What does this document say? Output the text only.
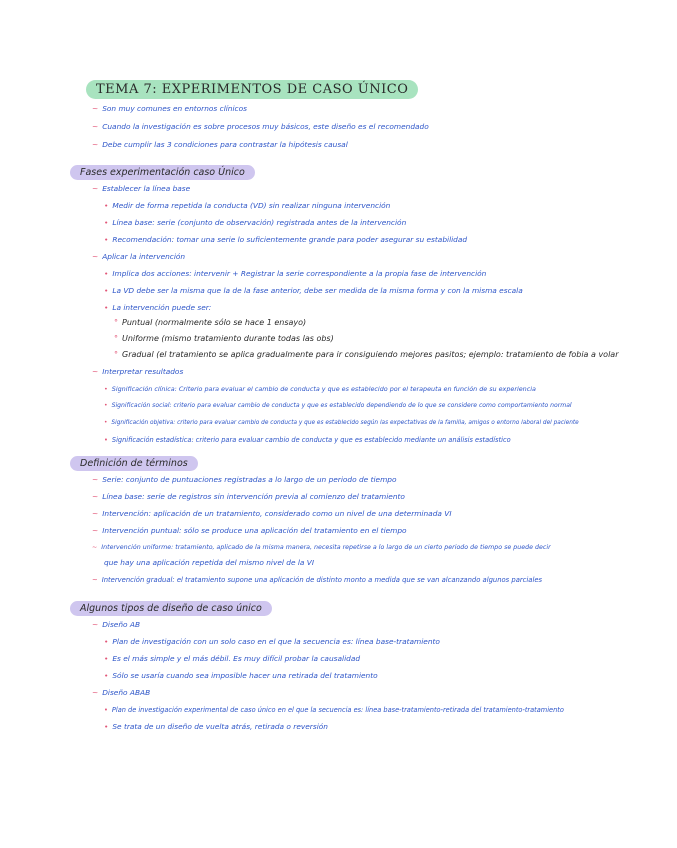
TEMA 7: EXPERIMENTOS DE CASO ÚNICO
~ Son muy comunes en entornos clínicos
~ Cuando la investigación es sobre procesos muy básicos, este diseño es el recomendado
~ Debe cumplir las 3 condiciones para contrastar la hipótesis causal
Fases experimentación caso Único
~ Establecer la línea base
• Medir de forma repetida la conducta (VD) sin realizar ninguna intervención
• Línea base: serie (conjunto de observación) registrada antes de la intervención
• Recomendación: tomar una serie lo suficientemente grande para poder asegurar su estabilidad
~ Aplicar la intervención
• Implica dos acciones: intervenir + Registrar la serie correspondiente a la propia fase de intervención
• La VD debe ser la misma que la de la fase anterior, debe ser medida de la misma forma y con la misma escala
• La intervención puede ser:
° Puntual (normalmente sólo se hace 1 ensayo)
° Uniforme (mismo tratamiento durante todas las obs)
° Gradual (el tratamiento se aplica gradualmente para ir consiguiendo mejores pasitos; ejemplo: tratamiento de fobia a volar
~ Interpretar resultados
• Significación clínica: Criterio para evaluar el cambio de conducta y que es establecido por el terapeuta en función de su experiencia
• Significación social: criterio para evaluar cambio de conducta y que es establecido dependiendo de lo que se considere como comportamiento normal
• Significación objetiva: criterio para evaluar cambio de conducta y que es establecido según las expectativas de la familia, amigos o entorno laboral del paciente
• Significación estadística: criterio para evaluar cambio de conducta y que es establecido mediante un análisis estadístico
Definición de términos
~ Serie: conjunto de puntuaciones registradas a lo largo de un periodo de tiempo
~ Línea base: serie de registros sin intervención previa al comienzo del tratamiento
~ Intervención: aplicación de un tratamiento, considerado como un nivel de una determinada VI
~ Intervención puntual: sólo se produce una aplicación del tratamiento en el tiempo
~ Intervención uniforme: tratamiento, aplicado de la misma manera, necesita repetirse a lo largo de un cierto periodo de tiempo se puede decir
que hay una aplicación repetida del mismo nivel de la VI
~ Intervención gradual: el tratamiento supone una aplicación de distinto monto a medida que se van alcanzando algunos parciales
Algunos tipos de diseño de caso único
~ Diseño AB
• Plan de investigación con un solo caso en el que la secuencia es: línea base-tratamiento
• Es el más simple y el más débil. Es muy difícil probar la causalidad
• Sólo se usaría cuando sea imposible hacer una retirada del tratamiento
~ Diseño ABAB
• Plan de investigación experimental de caso único en el que la secuencia es: línea base-tratamiento-retirada del tratamiento-tratamiento
• Se trata de un diseño de vuelta atrás, retirada o reversión
